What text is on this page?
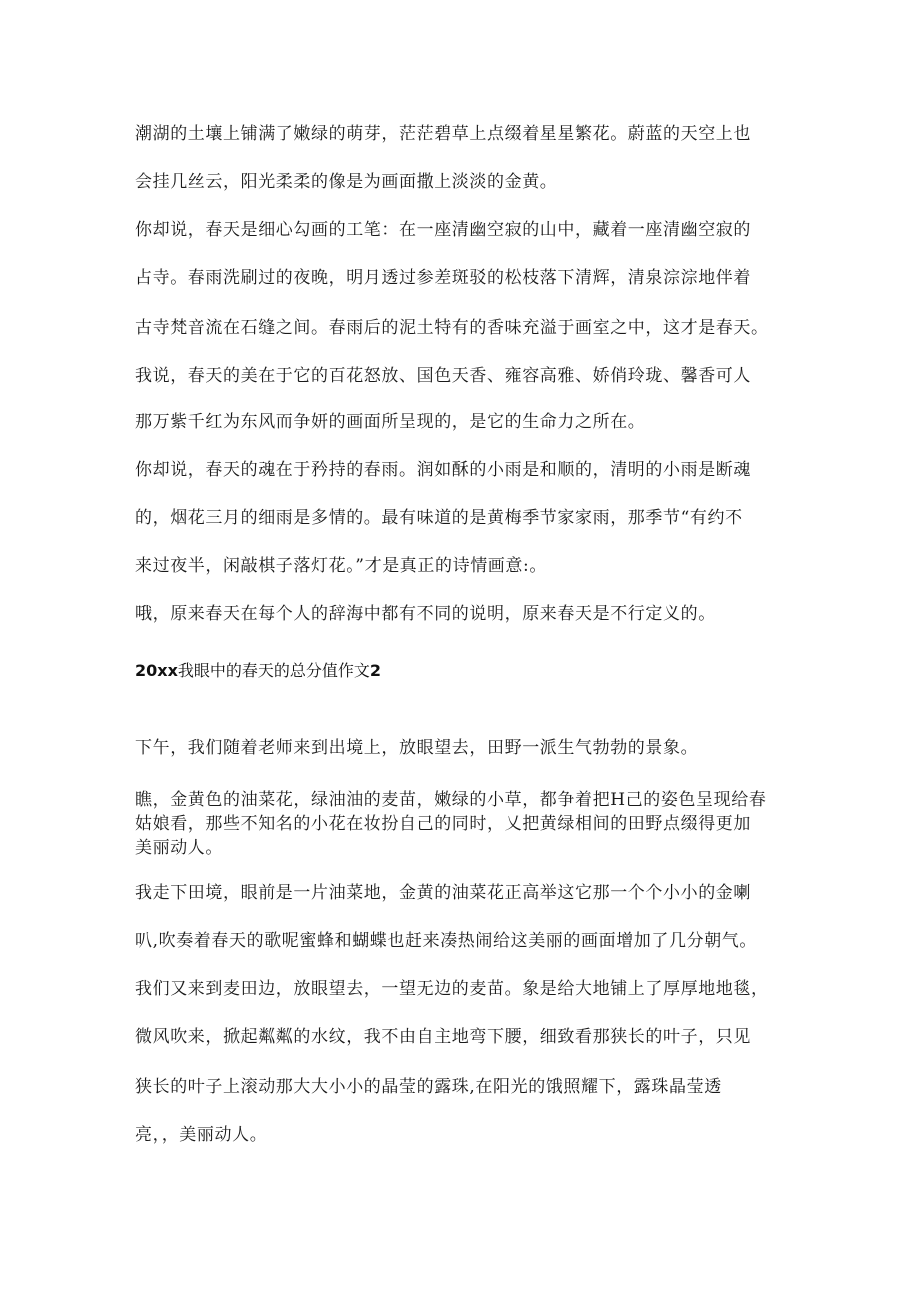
潮湖的土壤上铺满了嫩绿的萌芽，茫茫碧草上点缀着星星繁花。蔚蓝的天空上也
会挂几丝云，阳光柔柔的像是为画面撒上淡淡的金黄。
你却说，春天是细心勾画的工笔：在一座清幽空寂的山中，藏着一座清幽空寂的
占寺。春雨洗刷过的夜晚，明月透过参差斑驳的松枝落下清辉，清泉淙淙地伴着
古寺梵音流在石缝之间。春雨后的泥土特有的香味充溢于画室之中，这才是春天。
我说，春天的美在于它的百花怒放、国色天香、雍容高雅、娇俏玲珑、馨香可人
那万紫千红为东风而争妍的画面所呈现的，是它的生命力之所在。
你却说，春天的魂在于矜持的春雨。润如酥的小雨是和顺的，清明的小雨是断魂
的，烟花三月的细雨是多情的。最有味道的是黄梅季节家家雨，那季节“有约不
来过夜半，闲敲棋子落灯花。”才是真正的诗情画意:。
哦，原来春天在每个人的辞海中都有不同的说明，原来春天是不行定义的。
20xx我眼中的春天的总分值作文2
下午，我们随着老师来到出境上，放眼望去，田野一派生气勃勃的景象。
瞧，金黄色的油菜花，绿油油的麦苗，嫩绿的小草，都争着把H己的姿色呈现给春
姑娘看，那些不知名的小花在妆扮自己的同时，乂把黄绿相间的田野点缀得更加
美丽动人。
我走下田境，眼前是一片油菜地，金黄的油菜花正高举这它那一个个小小的金喇
叭,吹奏着春天的歌呢蜜蜂和蝴蝶也赶来凑热闹给这美丽的画面增加了几分朝气。
我们又来到麦田边，放眼望去，一望无边的麦苗。象是给大地铺上了厚厚地地毯，
微风吹来，掀起粼粼的水纹，我不由自主地弯下腰，细致看那狭长的叶子，只见
狭长的叶子上滚动那大大小小的晶莹的露珠,在阳光的饿照耀下，露珠晶莹透
亮，，美丽动人。
